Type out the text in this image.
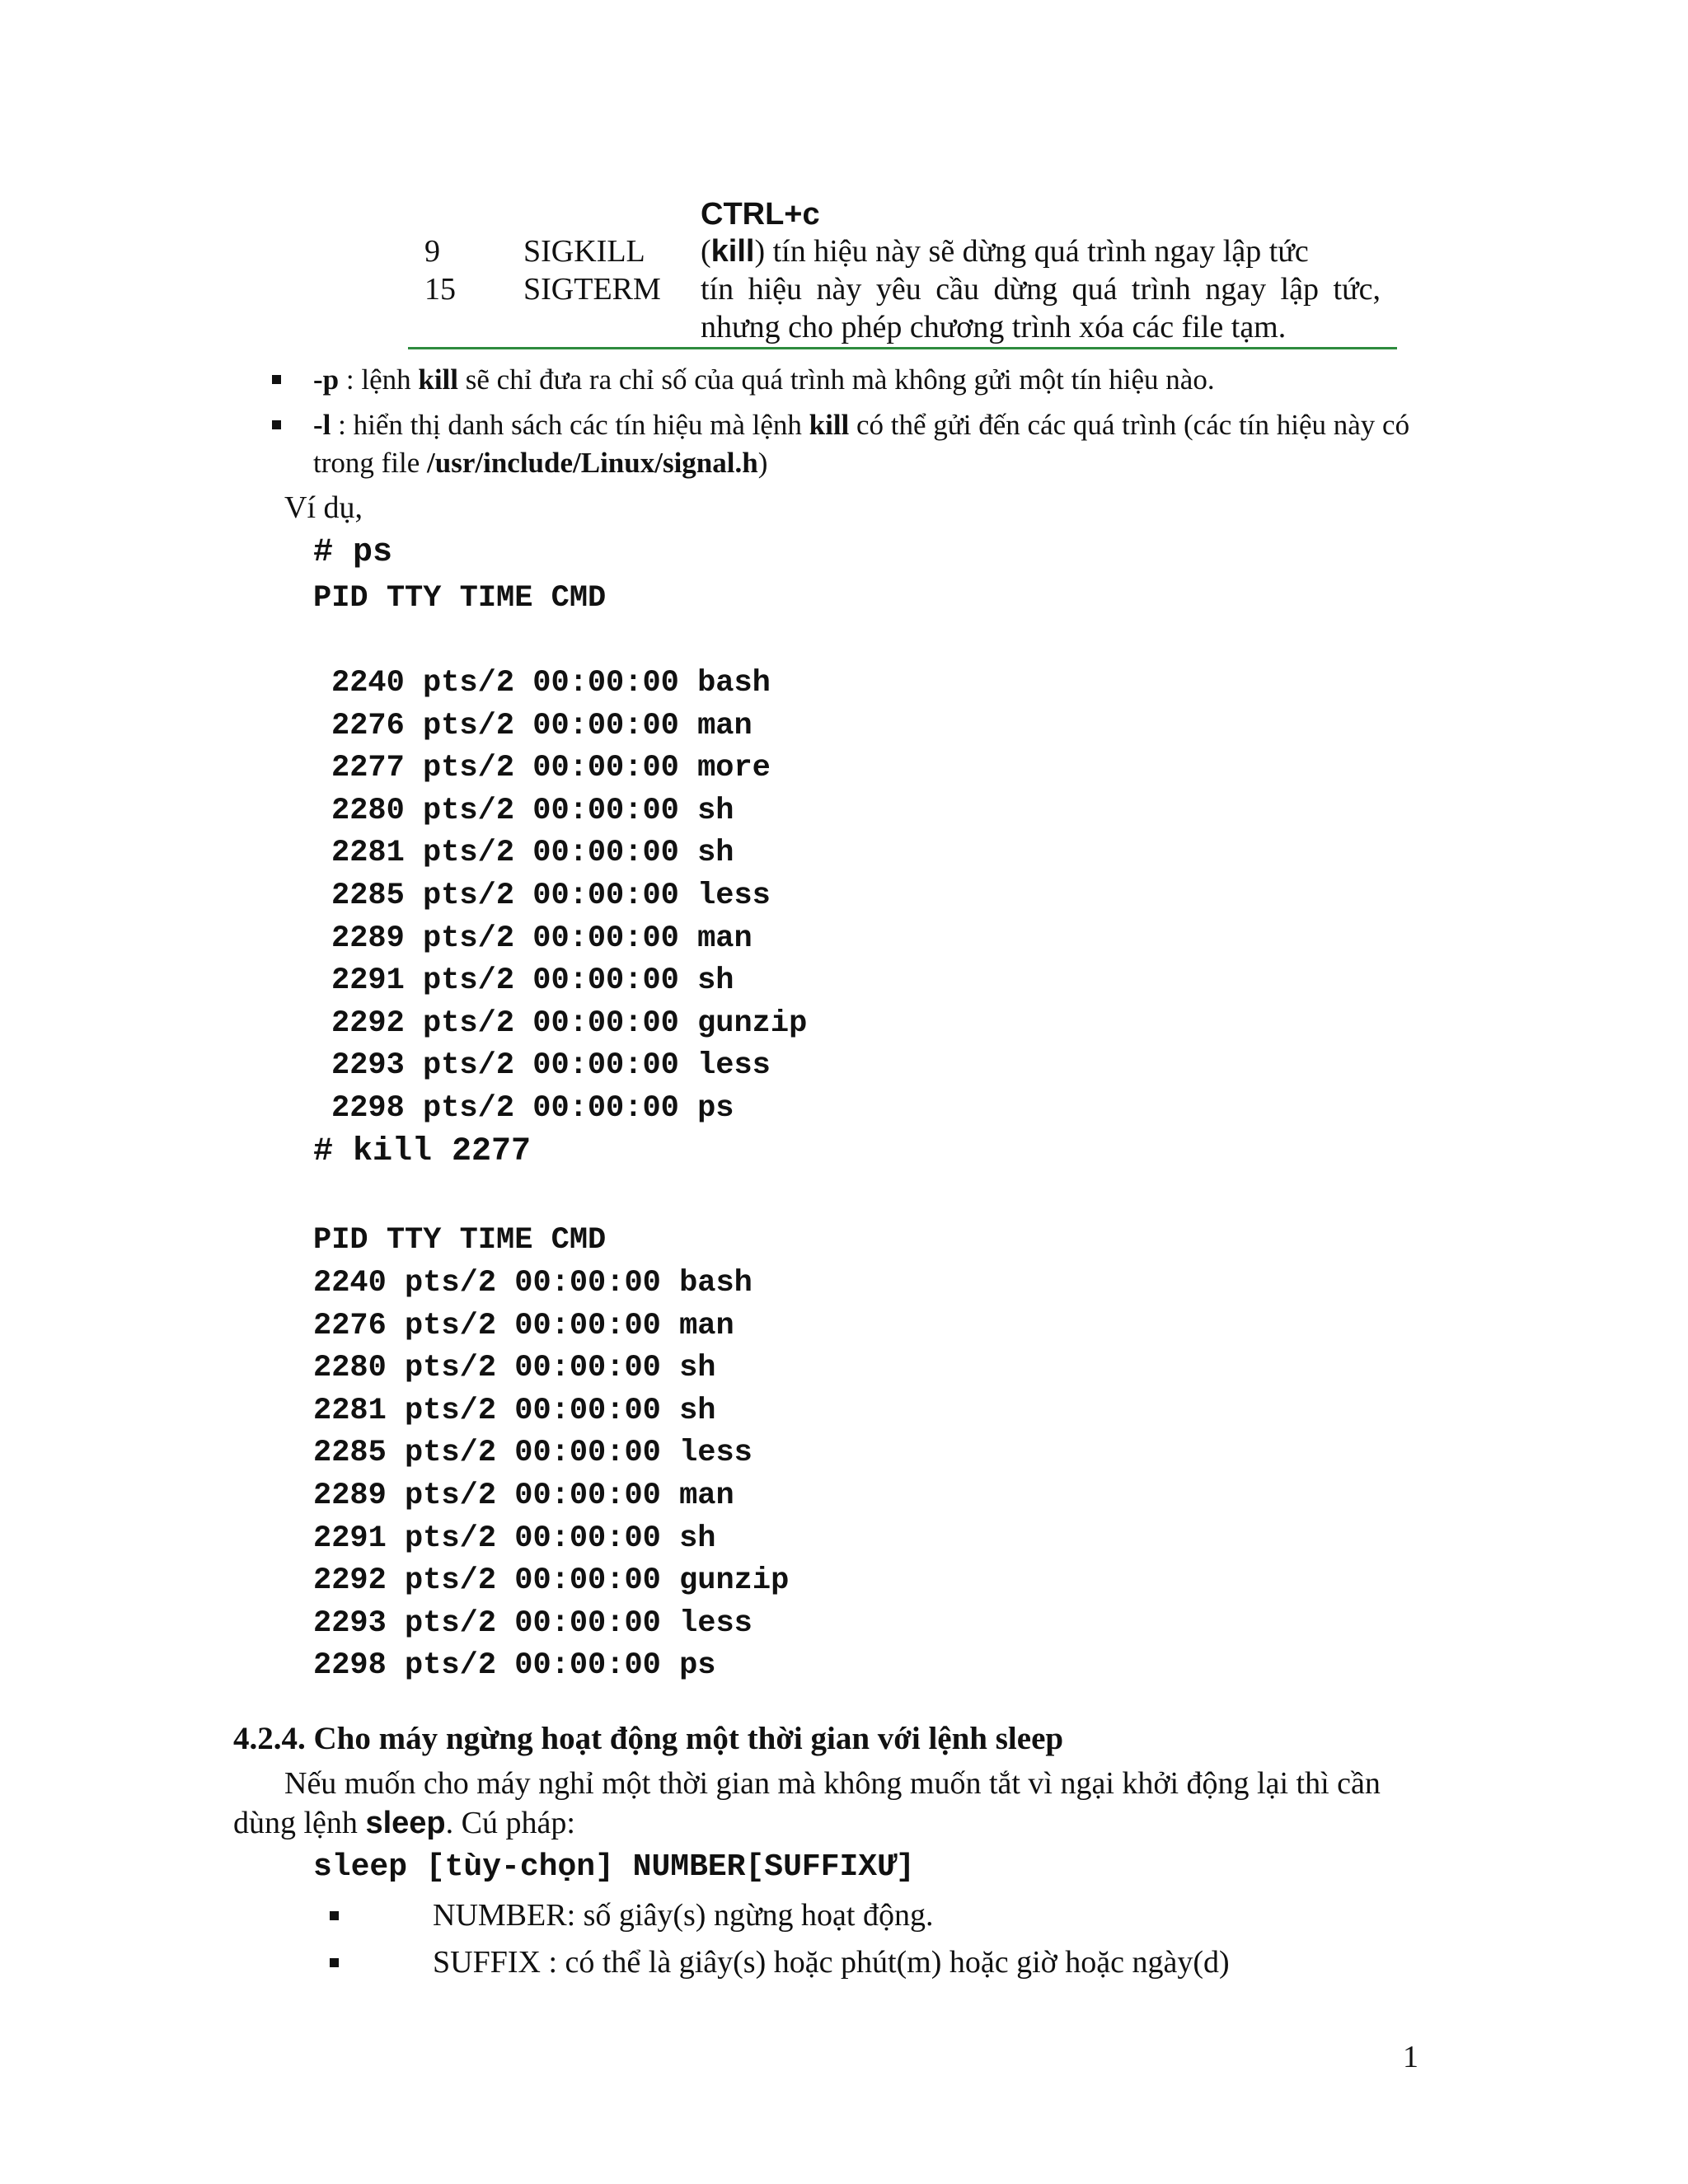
CTRL+c
9	SIGKILL (kill) tín hiệu này sẽ dừng quá trình ngay lập tức
15 SIGTERM tín hiệu này yêu cầu dừng quá trình ngay lập tức,
nhưng cho phép chương trình xóa các file tạm.
-p : lệnh kill sẽ chỉ đưa ra chỉ số của quá trình mà không gửi một tín hiệu nào.
-l : hiển thị danh sách các tín hiệu mà lệnh kill có thể gửi đến các quá trình (các tín hiệu này có
trong file /usr/include/Linux/signal.h)
Ví dụ,
# ps
PID TTY TIME CMD
2240 pts/2 00:00:00 bash
2276 pts/2 00:00:00 man
2277 pts/2 00:00:00 more
2280 pts/2 00:00:00 sh
2281 pts/2 00:00:00 sh
2285 pts/2 00:00:00 less
2289 pts/2 00:00:00 man
2291 pts/2 00:00:00 sh
2292 pts/2 00:00:00 gunzip
2293 pts/2 00:00:00 less
2298 pts/2 00:00:00 ps
# kill 2277
PID TTY TIME CMD
2240 pts/2 00:00:00 bash
2276 pts/2 00:00:00 man
2280 pts/2 00:00:00 sh
2281 pts/2 00:00:00 sh
2285 pts/2 00:00:00 less
2289 pts/2 00:00:00 man
2291 pts/2 00:00:00 sh
2292 pts/2 00:00:00 gunzip
2293 pts/2 00:00:00 less
2298 pts/2 00:00:00 ps
4.2.4. Cho máy ngừng hoạt động một thời gian với lệnh sleep
Nếu muốn cho máy nghỉ một thời gian mà không muốn tắt vì ngại khởi động lại thì cần
dùng lệnh sleep. Cú pháp:
sleep [tùy-chọn] NUMBER[SUFFIXƯ]
NUMBER: số giây(s) ngừng hoạt động.
SUFFIX : có thể là giây(s) hoặc phút(m) hoặc giờ hoặc ngày(d)
1
